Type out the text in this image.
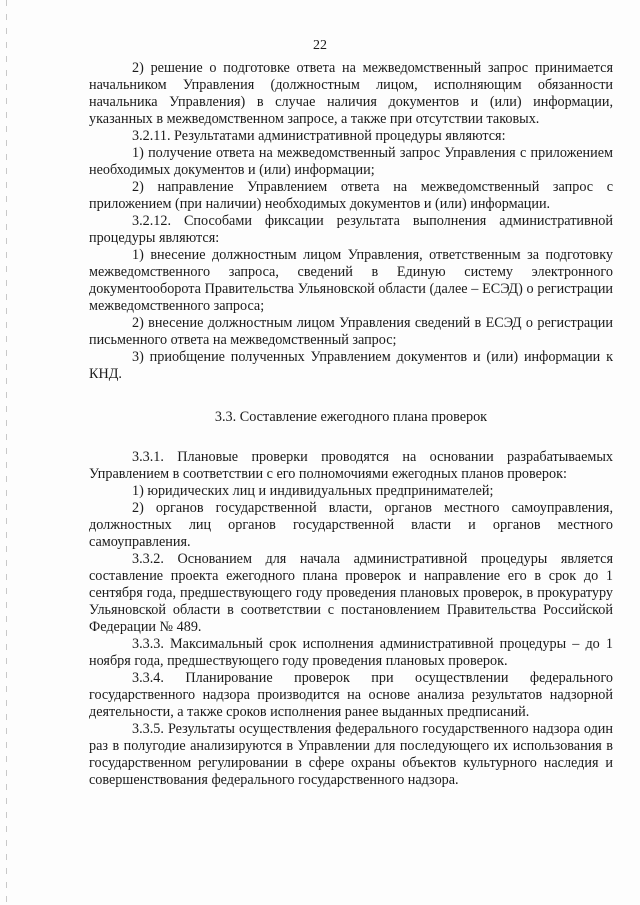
22

2) решение о подготовке ответа на межведомственный запрос принимается начальником Управления (должностным лицом, исполняющим обязанности начальника Управления) в случае наличия документов и (или) информации, указанных в межведомственном запросе, а также при отсутствии таковых.

3.2.11. Результатами административной процедуры являются:

1) получение ответа на межведомственный запрос Управления с приложением необходимых документов и (или) информации;

2) направление Управлением ответа на межведомственный запрос с приложением (при наличии) необходимых документов и (или) информации.

3.2.12. Способами фиксации результата выполнения административной процедуры являются:

1) внесение должностным лицом Управления, ответственным за подготовку межведомственного запроса, сведений в Единую систему электронного документооборота Правительства Ульяновской области (далее – ЕСЭД) о регистрации межведомственного запроса;

2) внесение должностным лицом Управления сведений в ЕСЭД о регистрации письменного ответа на межведомственный запрос;

3) приобщение полученных Управлением документов и (или) информации к КНД.

3.3. Составление ежегодного плана проверок

3.3.1. Плановые проверки проводятся на основании разрабатываемых Управлением в соответствии с его полномочиями ежегодных планов проверок:

1) юридических лиц и индивидуальных предпринимателей;

2) органов государственной власти, органов местного самоуправления, должностных лиц органов государственной власти и органов местного самоуправления.

3.3.2. Основанием для начала административной процедуры является составление проекта ежегодного плана проверок и направление его в срок до 1 сентября года, предшествующего году проведения плановых проверок, в прокуратуру Ульяновской области в соответствии с постановлением Правительства Российской Федерации № 489.

3.3.3. Максимальный срок исполнения административной процедуры – до 1 ноября года, предшествующего году проведения плановых проверок.

3.3.4. Планирование проверок при осуществлении федерального государственного надзора производится на основе анализа результатов надзорной деятельности, а также сроков исполнения ранее выданных предписаний.

3.3.5. Результаты осуществления федерального государственного надзора один раз в полугодие анализируются в Управлении для последующего их использования в государственном регулировании в сфере охраны объектов культурного наследия и совершенствования федерального государственного надзора.
